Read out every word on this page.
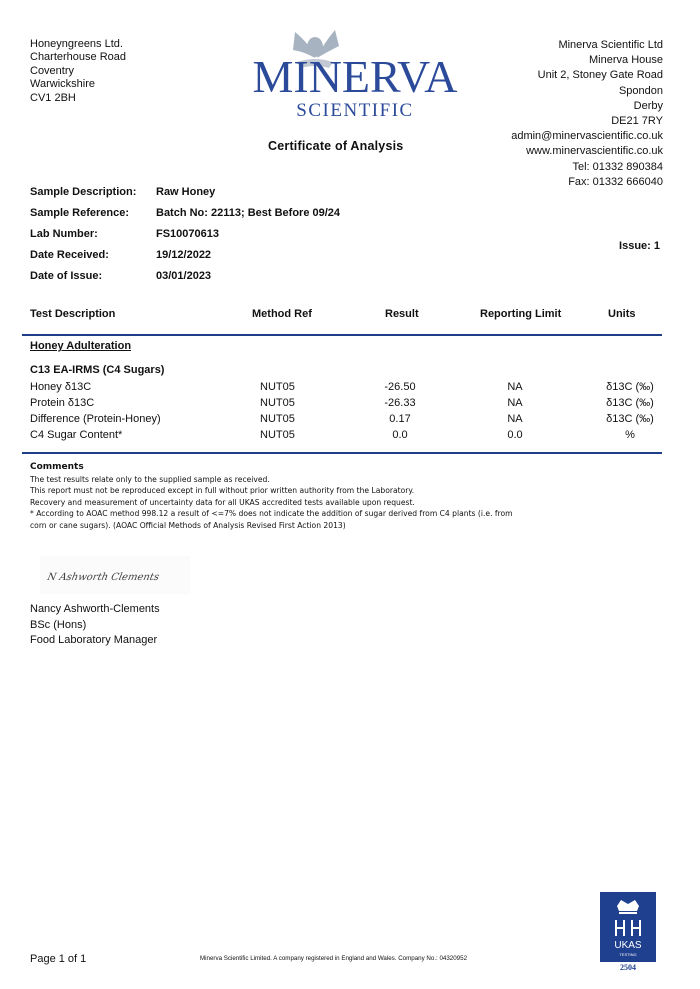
Honeyngreens Ltd.
Charterhouse Road
Coventry
Warwickshire
CV1 2BH	MINERVA
SCIENTIFIC
Minerva Scientific Ltd
Minerva House
Unit 2, Stoney Gate Road
Spondon
Derby
DE21 7RY
admin@minervascientific.co.uk
www.minervascientific.co.uk
Tel: 01332 890384
Fax: 01332 666040
Certificate of Analysis
Sample Description: Raw Honey
Sample Reference: Batch No: 22113; Best Before 09/24
Lab Number:	FS10070613
Date Received:	19/12/2022
Date of Issue:	03/01/2023
Issue: 1
Test Description	Method Ref	Result	Reporting Limit	Units
Honey Adulteration
C13 EA-IRMS (C4 Sugars)
Honey δ13C	NUT05	-26.50	NA	δ13C (‰)
Protein δ13C	NUT05	-26.33	NA	δ13C (‰)
Difference (Protein-Honey)	NUT05	0.17	NA	δ13C (‰)
C4 Sugar Content*	NUT05	0.0	0.0	%
Comments
The test results relate only to the supplied sample as received.
This report must not be reproduced except in full without prior written authority from the Laboratory.
Recovery and measurement of uncertainty data for all UKAS accredited tests available upon request.
* According to AOAC method 998.12 a result of <=7% does not indicate the addition of sugar derived from C4 plants (i.e. from
corn or cane sugars). (AOAC Official Methods of Analysis Revised First Action 2013)
N Ashworth Clements
Nancy Ashworth-Clements
BSc (Hons)
Food Laboratory Manager
Page 1 of 1	Minerva Scientific Limited. A company registered in England and Wales. Company No.: 04320952
UKAS
TESTING
2504
